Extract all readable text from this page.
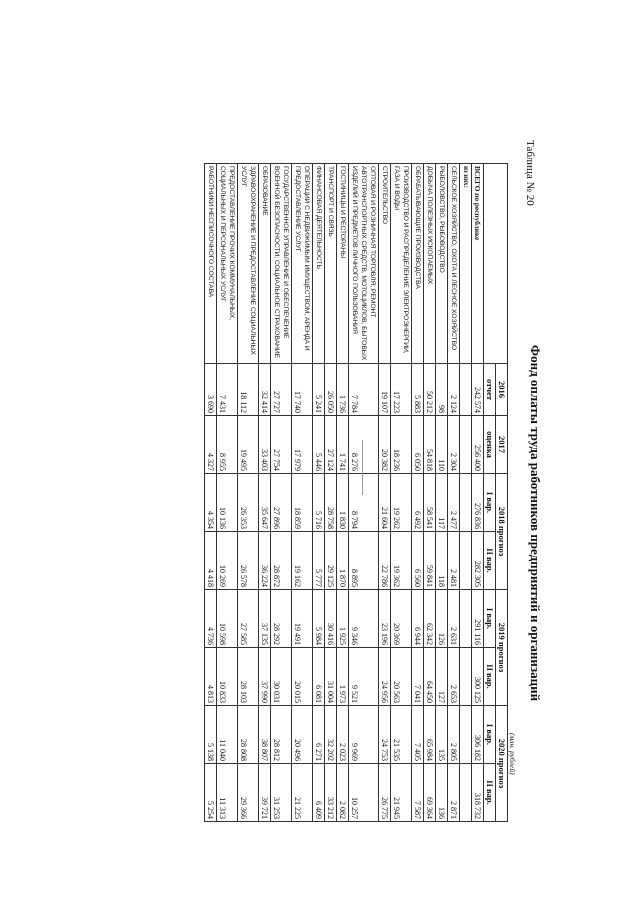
Таблица № 20
Фонд оплаты труда работников предприятий и организаций
(млн. рублей)
	2016	2017	2018 прогноз		2019 прогноз		2020 прогноз	
	отчет	оценка	I вар.	II вар.	I вар.	II вар.	I вар.	II вар.
ВСЕГО по республике	242 574	256 400	276 836	282 305	291 116	300 125	306 182	318 732
из них:								
СЕЛЬСКОЕ ХОЗЯЙСТВО, ОХОТА И ЛЕСНОЕ ХОЗЯЙСТВО	2 124	2 304	2 477	2 481	2 631	2 653	2 805	2 871
РЫБОЛОВСТВО, РЫБОВОДСТВО	98	110	117	118	126	127	135	136
ДОБЫЧА ПОЛЕЗНЫХ ИСКОПАЕМЫХ	50 212	54 818	58 541	59 841	62 342	64 450	65 984	69 364
ОБРАБАТЫВАЮЩИЕ ПРОИЗВОДСТВА	5 883	6 050	6 492	6 560	6 944	7 041	7 405	7 587
ПРОИЗВОДСТВО И РАСПРЕДЕЛЕНИЕ ЭЛЕКТРОЭНЕРГИИ, ГАЗА И ВОДЫ	17 223	18 236	19 262	19 362	20 369	20 563	21 535	21 945
СТРОИТЕЛЬСТВО	19 107	20 382	21 604	22 786	23 196	24 956	24 753	26 775
ОПТОВАЯ И РОЗНИЧНАЯ ТОРГОВЛЯ; РЕМОНТ АВТОТРАНСПОРТНЫХ СРЕДСТВ, МОТОЦИКЛОВ, БЫТОВЫХ ИЗДЕЛИЙ И ПРЕДМЕТОВ ЛИЧНОГО ПОЛЬЗОВАНИЯ	7 784	8 276	8 794	8 895	9 346	9 521	9 969	10 257
ГОСТИНИЦЫ И РЕСТОРАНЫ	1 736	1 741	1 830	1 870	1 925	1 973	2 023	2 082
ТРАНСПОРТ И СВЯЗЬ	26 050	27 124	28 758	29 125	30 416	31 004	32 202	33 212
ФИНАНСОВАЯ ДЕЯТЕЛЬНОСТЬ	5 241	5 446	5 716	5 777	5 984	6 081	6 271	6 409
ОПЕРАЦИИ С НЕДВИЖИМЫМ ИМУЩЕСТВОМ, АРЕНДА И ПРЕДОСТАВЛЕНИЕ УСЛУГ	17 740	17 979	18 859	19 162	19 491	20 015	20 496	21 225
ГОСУДАРСТВЕННОЕ УПРАВЛЕНИЕ И ОБЕСПЕЧЕНИЕ ВОЕННОЙ БЕЗОПАСНОСТИ; СОЦИАЛЬНОЕ СТРАХОВАНИЕ	27 727	27 754	27 896	28 872	28 292	30 031	28 812	31 253
ОБРАЗОВАНИЕ	32 414	33 403	35 647	36 224	37 135	37 990	38 807	39 721
ЗДРАВООХРАНЕНИЕ И ПРЕДОСТАВЛЕНИЕ СОЦИАЛЬНЫХ УСЛУГ	18 112	19 495	26 353	26 578	27 585	28 103	28 808	29 366
ПРЕДОСТАВЛЕНИЕ ПРОЧИХ КОММУНАЛЬНЫХ, СОЦИАЛЬНЫХ И ПЕРСОНАЛЬНЫХ УСЛУГ	7 431	8 955	10 136	10 269	10 598	10 833	11 040	11 313
РАБОТНИКИ НЕСПИСОЧНОГО СОСТАВА	3 690	4 327	4 354	4 418	4 736	4 813	5 138	5 254
